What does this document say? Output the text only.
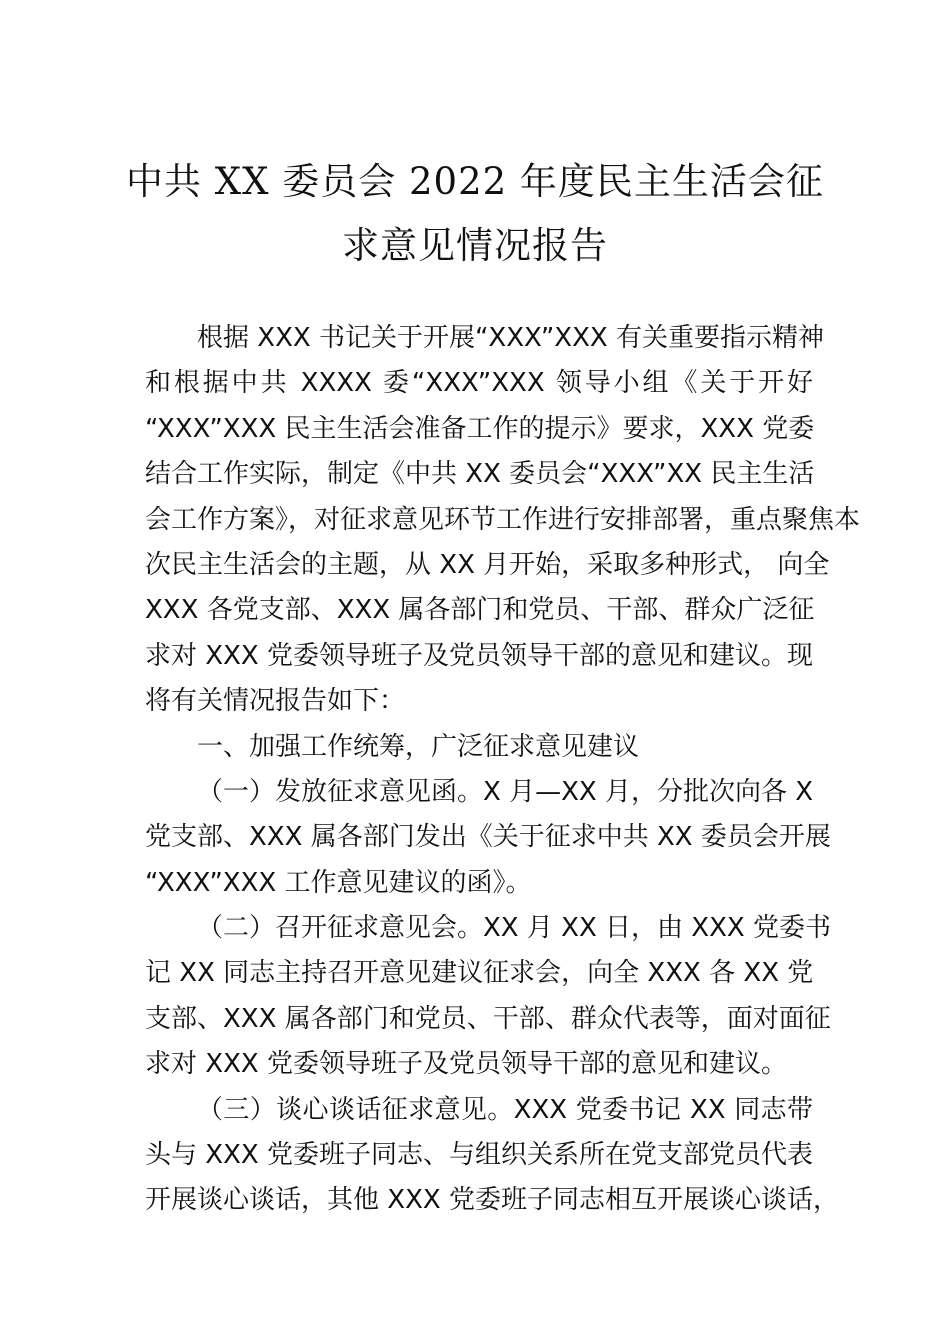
中共 XX 委员会 2022 年度民主生活会征
求意见情况报告
根据 XXX 书记关于开展“XXX”XXX 有关重要指示精神
和根据中共 XXXX 委“XXX”XXX 领导小组《关于开好
“XXX”XXX 民主生活会准备工作的提示》要求，XXX 党委
结合工作实际，制定《中共 XX 委员会“XXX”XX 民主生活
会工作方案》，对征求意见环节工作进行安排部署，重点聚焦本
次民主生活会的主题，从 XX 月开始，采取多种形式， 向全
XXX 各党支部、XXX 属各部门和党员、干部、群众广泛征
求对 XXX 党委领导班子及党员领导干部的意见和建议。现
将有关情况报告如下：
一、加强工作统筹，广泛征求意见建议
（一）发放征求意见函。X 月—XX 月，分批次向各 X
党支部、XXX 属各部门发出《关于征求中共 XX 委员会开展
“XXX”XXX 工作意见建议的函》。
（二）召开征求意见会。XX 月 XX 日，由 XXX 党委书
记 XX 同志主持召开意见建议征求会，向全 XXX 各 XX 党
支部、XXX 属各部门和党员、干部、群众代表等，面对面征
求对 XXX 党委领导班子及党员领导干部的意见和建议。
（三）谈心谈话征求意见。XXX 党委书记 XX 同志带
头与 XXX 党委班子同志、与组织关系所在党支部党员代表
开展谈心谈话，其他 XXX 党委班子同志相互开展谈心谈话，
